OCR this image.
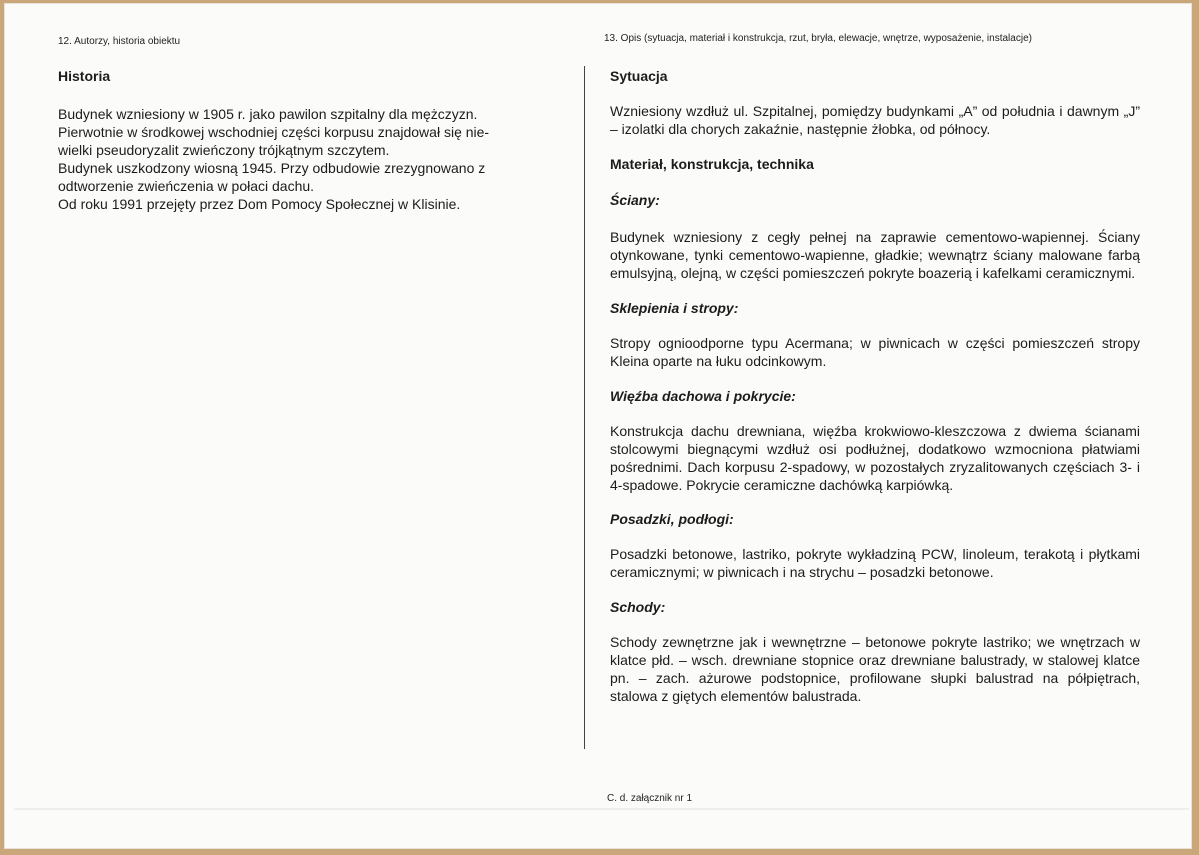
12. Autorzy, historia obiektu	13. Opis (sytuacja, materiał i konstrukcja, rzut, bryła, elewacje, wnętrze, wyposażenie, instalacje)
Historia
Budynek wzniesiony w 1905 r. jako pawilon szpitalny dla mężczyzn.
Pierwotnie w środkowej wschodniej części korpusu znajdował się nie-
wielki pseudoryzalit zwieńczony trójkątnym szczytem.
Budynek uszkodzony wiosną 1945. Przy odbudowie zrezygnowano z
odtworzenie zwieńczenia w połaci dachu.
Od roku 1991 przejęty przez Dom Pomocy Społecznej w Klisinie.
Sytuacja

Wzniesiony wzdłuż ul. Szpitalnej, pomiędzy budynkami „A” od południa i dawnym „J” – izolatki dla chorych zakaźnie, następnie żłobka, od północy.

Materiał, konstrukcja, technika
Ściany:

Budynek wzniesiony z cegły pełnej na zaprawie cementowo-wapiennej. Ściany otynkowane, tynki cementowo-wapienne, gładkie; wewnątrz ściany malowane farbą emulsyjną, olejną, w części pomieszczeń pokryte boazerią i kafelkami ceramicznymi.

Sklepienia i stropy:

Stropy ognioodporne typu Acermana; w piwnicach w części pomieszczeń stropy Kleina oparte na łuku odcinkowym.

Więźba dachowa i pokrycie:

Konstrukcja dachu drewniana, więźba krokwiowo-kleszczowa z dwiema ścianami stolcowymi biegnącymi wzdłuż osi podłużnej, dodatkowo wzmocniona płatwiami pośrednimi. Dach korpusu 2-spadowy, w pozostałych zryzalitowanych częściach 3- i 4-spadowe. Pokrycie ceramiczne dachówką karpiówką.

Posadzki, podłogi:

Posadzki betonowe, lastriko, pokryte wykładziną PCW, linoleum, terakotą i płytkami ceramicznymi; w piwnicach i na strychu – posadzki betonowe.

Schody:

Schody zewnętrzne jak i wewnętrzne – betonowe pokryte lastriko; we wnętrzach w klatce płd. – wsch. drewniane stopnice oraz drewniane balustrady, w stalowej klatce pn. – zach. ażurowe podstopnice, profilowane słupki balustrad na półpiętrach, stalowa z giętych elementów balustrada.

C. d. załącznik nr 1
